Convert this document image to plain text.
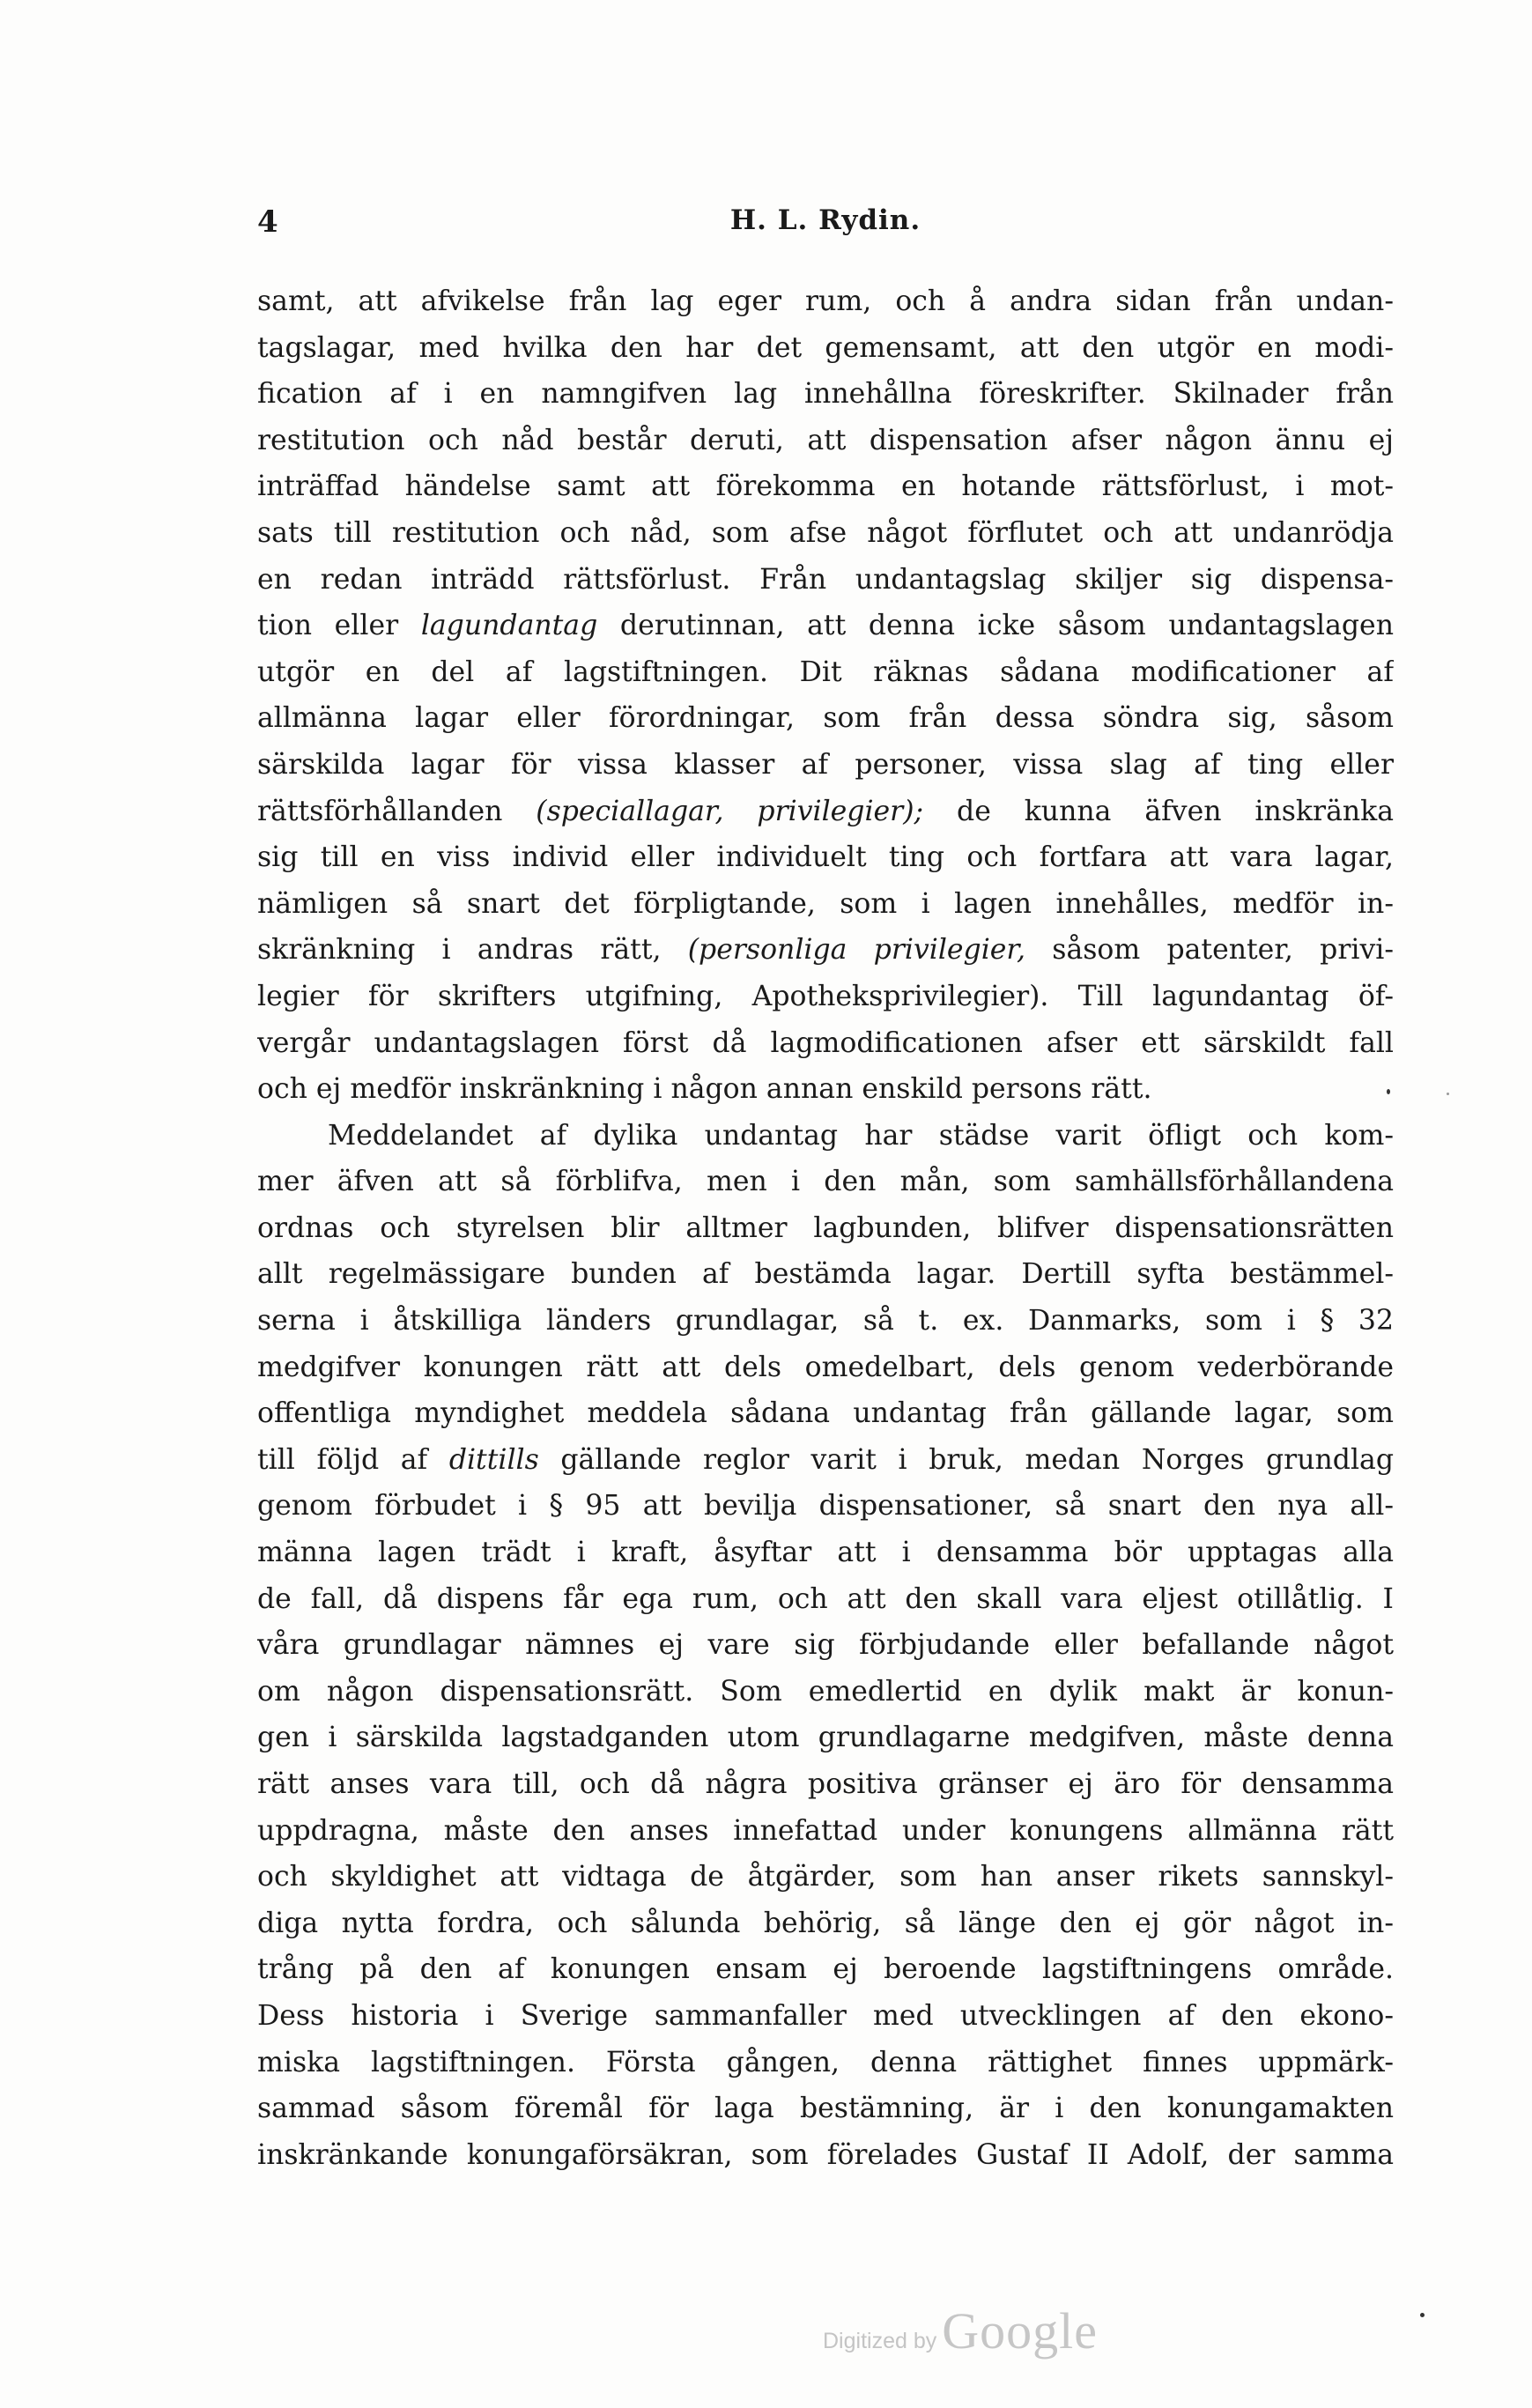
4	H. L. Rydin.
samt, att afvikelse från lag eger rum, och å andra sidan från undan-
tagslagar, med hvilka den har det gemensamt, att den utgör en modi-
fication af i en namngifven lag innehållna föreskrifter. Skilnader från
restitution och nåd består deruti, att dispensation afser någon ännu ej
inträffad händelse samt att förekomma en hotande rättsförlust, i mot-
sats till restitution och nåd, som afse något förflutet och att undanrödja
en redan inträdd rättsförlust. Från undantagslag skiljer sig dispensa-
tion eller lagundantag derutinnan, att denna icke såsom undantagslagen
utgör en del af lagstiftningen. Dit räknas sådana modificationer af
allmänna lagar eller förordningar, som från dessa söndra sig, såsom
särskilda lagar för vissa klasser af personer, vissa slag af ting eller
rättsförhållanden (speciallagar, privilegier); de kunna äfven inskränka
sig till en viss individ eller individuelt ting och fortfara att vara lagar,
nämligen så snart det förpligtande, som i lagen innehålles, medför in-
skränkning i andras rätt, (personliga privilegier, såsom patenter, privi-
legier för skrifters utgifning, Apotheksprivilegier). Till lagundantag öf-
vergår undantagslagen först då lagmodificationen afser ett särskildt fall
och ej medför inskränkning i någon annan enskild persons rätt.
Meddelandet af dylika undantag har städse varit öfligt och kom-
mer äfven att så förblifva, men i den mån, som samhällsförhållandena
ordnas och styrelsen blir alltmer lagbunden, blifver dispensationsrätten
allt regelmässigare bunden af bestämda lagar. Dertill syfta bestämmel-
serna i åtskilliga länders grundlagar, så t. ex. Danmarks, som i § 32
medgifver konungen rätt att dels omedelbart, dels genom vederbörande
offentliga myndighet meddela sådana undantag från gällande lagar, som
till följd af dittills gällande reglor varit i bruk, medan Norges grundlag
genom förbudet i § 95 att bevilja dispensationer, så snart den nya all-
männa lagen trädt i kraft, åsyftar att i densamma bör upptagas alla
de fall, då dispens får ega rum, och att den skall vara eljest otillåtlig. I
våra grundlagar nämnes ej vare sig förbjudande eller befallande något
om någon dispensationsrätt. Som emedlertid en dylik makt är konun-
gen i särskilda lagstadganden utom grundlagarne medgifven, måste denna
rätt anses vara till, och då några positiva gränser ej äro för densamma
uppdragna, måste den anses innefattad under konungens allmänna rätt
och skyldighet att vidtaga de åtgärder, som han anser rikets sannskyl-
diga nytta fordra, och sålunda behörig, så länge den ej gör något in-
trång på den af konungen ensam ej beroende lagstiftningens område.
Dess historia i Sverige sammanfaller med utvecklingen af den ekono-
miska lagstiftningen. Första gången, denna rättighet finnes uppmärk-
sammad såsom föremål för laga bestämning, är i den konungamakten
inskränkande konungaförsäkran, som förelades Gustaf II Adolf, der samma
Digitized by Google
